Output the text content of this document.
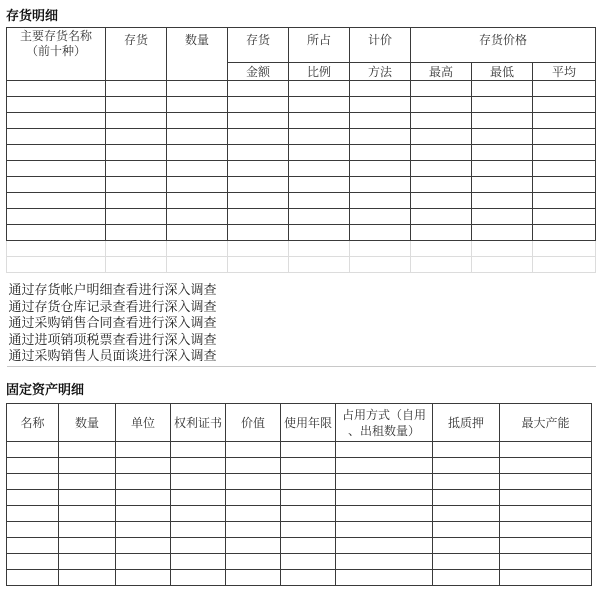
存货明细
主要存货名称
（前十种）	存货	数量	存货	所占	计价	存货价格		
			金额	比例	方法	最高	最低	平均

通过存货帐户明细查看进行深入调查
通过存货仓库记录查看进行深入调查
通过采购销售合同查看进行深入调查
通过进项销项税票查看进行深入调查
通过采购销售人员面谈进行深入调查								
固定资产明细
名称	数量	单位	权利证书	价值	使用年限	占用方式（自用
、出租数量）	抵质押	最大产能
